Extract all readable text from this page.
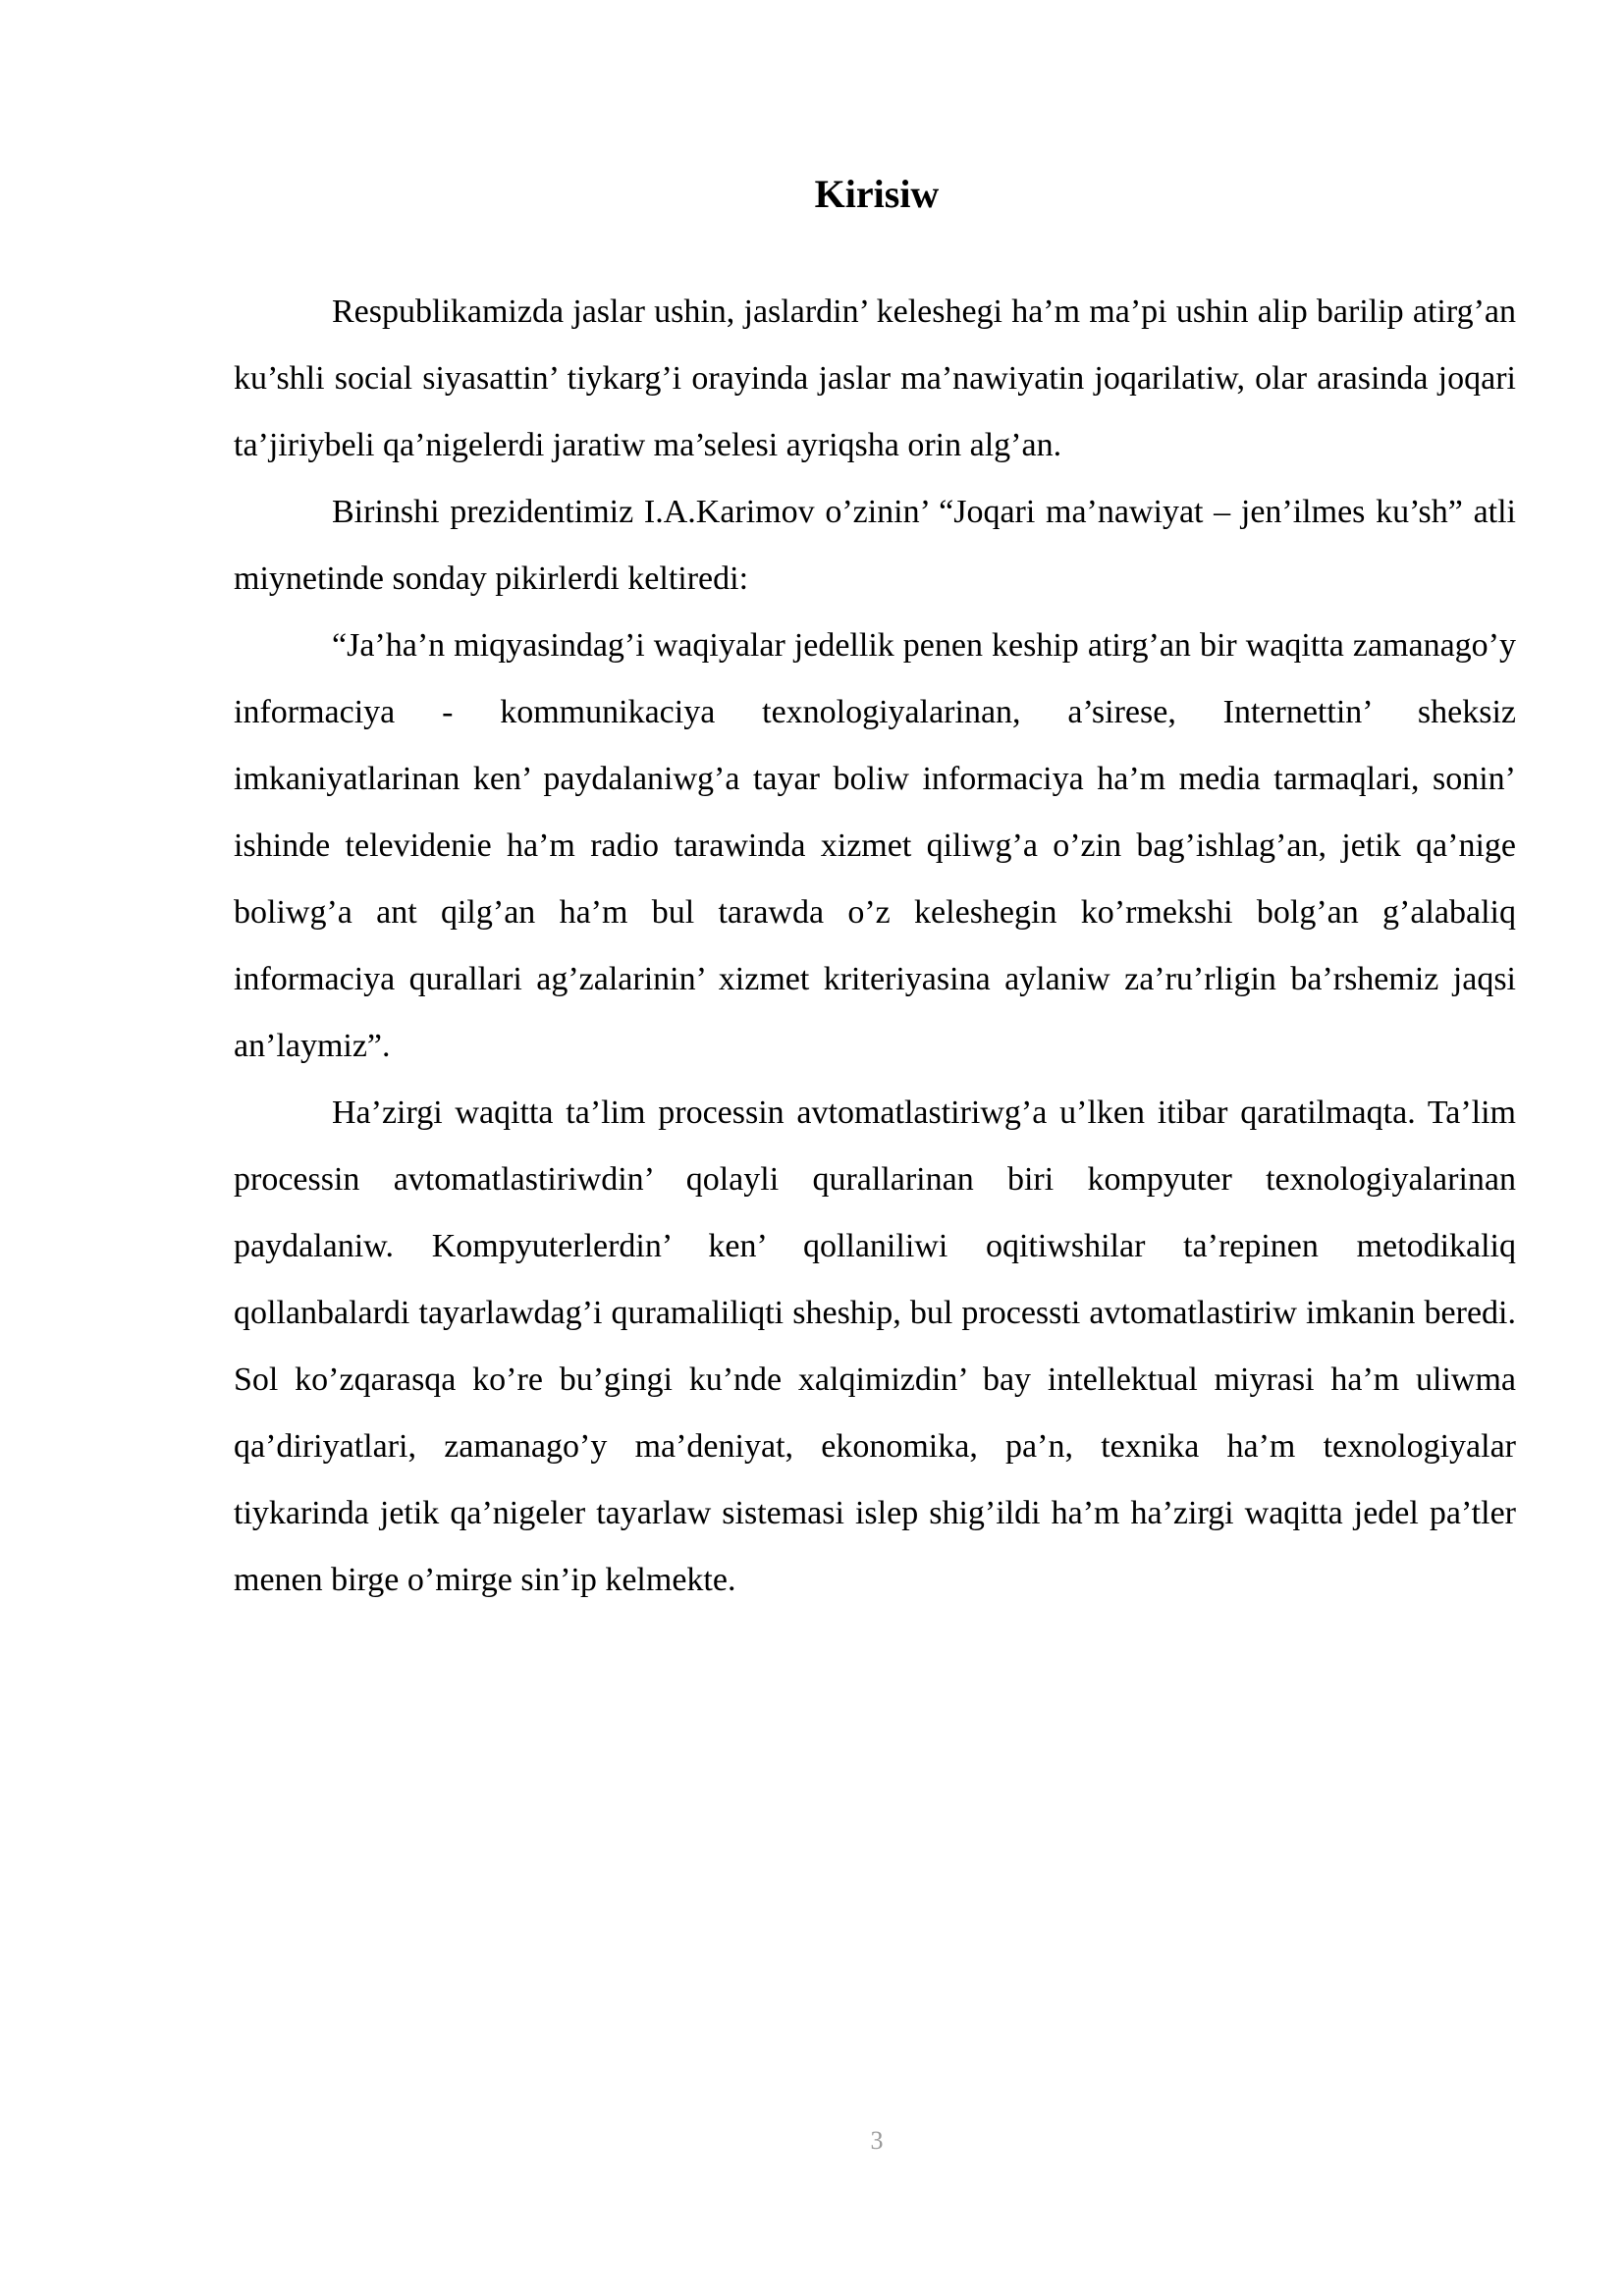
Kirisiw

Respublikamizda jaslar ushin, jaslardin’ keleshegi ha’m ma’pi ushin alip barilip atirg’an ku’shli social siyasattin’ tiykarg’i orayinda jaslar ma’nawiyatin joqarilatiw, olar arasinda joqari ta’jiriybeli qa’nigelerdi jaratiw ma’selesi ayriqsha orin alg’an.

Birinshi prezidentimiz I.A.Karimov o’zinin’ “Joqari ma’nawiyat – jen’ilmes ku’sh” atli miynetinde sonday pikirlerdi keltiredi:

“Ja’ha’n miqyasindag’i waqiyalar jedellik penen keship atirg’an bir waqitta zamanago’y informaciya - kommunikaciya texnologiyalarinan, a’sirese, Internettin’ sheksiz imkaniyatlarinan ken’ paydalaniwg’a tayar boliw informaciya ha’m media tarmaqlari, sonin’ ishinde televidenie ha’m radio tarawinda xizmet qiliwg’a o’zin bag’ishlag’an, jetik qa’nige boliwg’a ant qilg’an ha’m bul tarawda o’z keleshegin ko’rmekshi bolg’an g’alabaliq informaciya qurallari ag’zalarinin’ xizmet kriteriyasina aylaniw za’ru’rligin ba’rshemiz jaqsi an’laymiz”.

Ha’zirgi waqitta ta’lim processin avtomatlastiriwg’a u’lken itibar qaratilmaqta. Ta’lim processin avtomatlastiriwdin’ qolayli qurallarinan biri kompyuter texnologiyalarinan paydalaniw. Kompyuterlerdin’ ken’ qollaniliwi oqitiwshilar ta’repinen metodikaliq qollanbalardi tayarlawdag’i quramaliliqti sheship, bul processti avtomatlastiriw imkanin beredi. Sol ko’zqarasqa ko’re bu’gingi ku’nde xalqimizdin’ bay intellektual miyrasi ha’m uliwma qa’diriyatlari, zamanago’y ma’deniyat, ekonomika, pa’n, texnika ha’m texnologiyalar tiykarinda jetik qa’nigeler tayarlaw sistemasi islep shig’ildi ha’m ha’zirgi waqitta jedel pa’tler menen birge o’mirge sin’ip kelmekte.

3
